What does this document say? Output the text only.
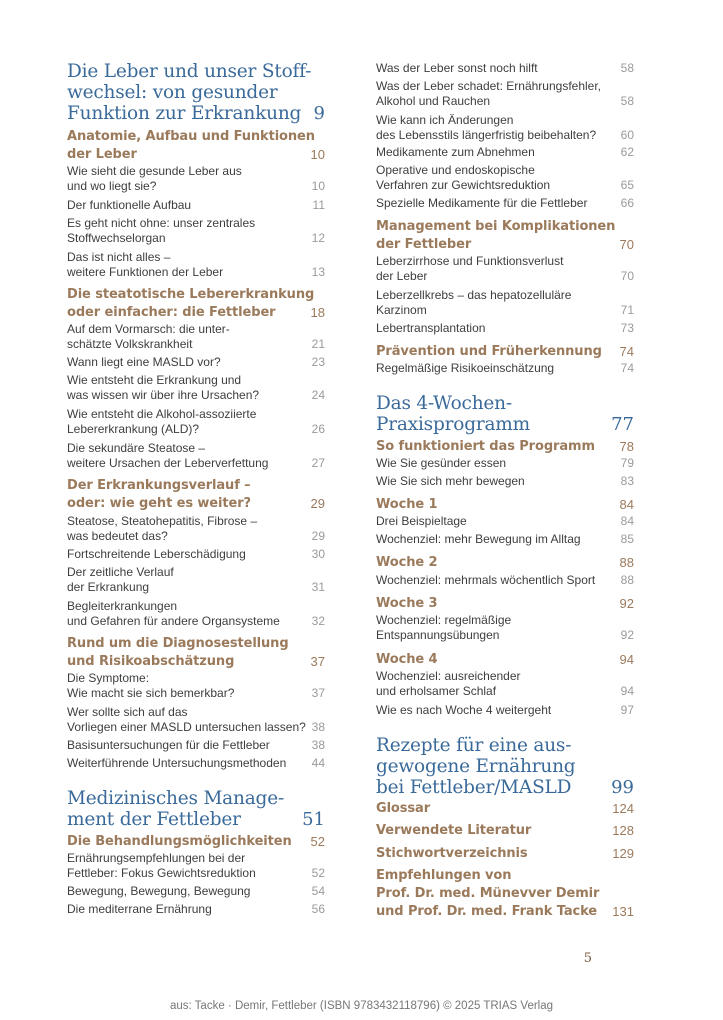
Die Leber und unser Stoff-
wechsel: von gesunder
Funktion zur Erkrankung 9
Anatomie, Aufbau und Funktionen
der Leber	10
Wie sieht die gesunde Leber aus
und wo liegt sie?	10
Der funktionelle Aufbau	11
Es geht nicht ohne: unser zentrales
Stoffwechselorgan	12
Das ist nicht alles –
weitere Funktionen der Leber	13
Die steatotische Lebererkrankung
oder einfacher: die Fettleber	18
Auf dem Vormarsch: die unter-
schätzte Volkskrankheit	21
Wann liegt eine MASLD vor?	23
Wie entsteht die Erkrankung und
was wissen wir über ihre Ursachen?	24
Wie entsteht die Alkohol-assoziierte
Lebererkrankung (ALD)?	26
Die sekundäre Steatose –
weitere Ursachen der Leberverfettung	27
Der Erkrankungsverlauf –
oder: wie geht es weiter?	29
Steatose, Steatohepatitis, Fibrose –
was bedeutet das?	29
Fortschreitende Leberschädigung	30
Der zeitliche Verlauf
der Erkrankung	31
Begleiterkrankungen
und Gefahren für andere Organsysteme	32
Rund um die Diagnosestellung
und Risikoabschätzung	37
Die Symptome:
Wie macht sie sich bemerkbar?	37
Wer sollte sich auf das
Vorliegen einer MASLD untersuchen lassen? 38
Basisuntersuchungen für die Fettleber	38
Weiterführende Untersuchungsmethoden	44
Medizinisches Manage-
ment der Fettleber	51
Die Behandlungsmöglichkeiten	52
Ernährungsempfehlungen bei der
Fettleber: Fokus Gewichtsreduktion	52
Bewegung, Bewegung, Bewegung	54
Die mediterrane Ernährung	56
Was der Leber sonst noch hilft	58
Was der Leber schadet: Ernährungsfehler,
Alkohol und Rauchen	58
Wie kann ich Änderungen
des Lebensstils längerfristig beibehalten?	60
Medikamente zum Abnehmen	62
Operative und endoskopische
Verfahren zur Gewichtsreduktion	65
Spezielle Medikamente für die Fettleber	66
Management bei Komplikationen
der Fettleber	70
Leberzirrhose und Funktionsverlust
der Leber	70
Leberzellkrebs – das hepatozelluläre
Karzinom	71
Lebertransplantation	73
Prävention und Früherkennung	74
Regelmäßige Risikoeinschätzung	74
Das 4-Wochen-
Praxisprogramm	77
So funktioniert das Programm	78
Wie Sie gesünder essen	79
Wie Sie sich mehr bewegen	83
Woche 1	84
Drei Beispieltage	84
Wochenziel: mehr Bewegung im Alltag	85
Woche 2	88
Wochenziel: mehrmals wöchentlich Sport	88
Woche 3	92
Wochenziel: regelmäßige
Entspannungsübungen	92
Woche 4	94
Wochenziel: ausreichender
und erholsamer Schlaf	94
Wie es nach Woche 4 weitergeht	97
Rezepte für eine aus-
gewogene Ernährung
bei Fettleber/MASLD	99
Glossar	124
Verwendete Literatur	128
Stichwortverzeichnis	129
Empfehlungen von
Prof. Dr. med. Münevver Demir
und Prof. Dr. med. Frank Tacke	131
5
aus: Tacke · Demir, Fettleber (ISBN 9783432118796) © 2025 TRIAS Verlag
